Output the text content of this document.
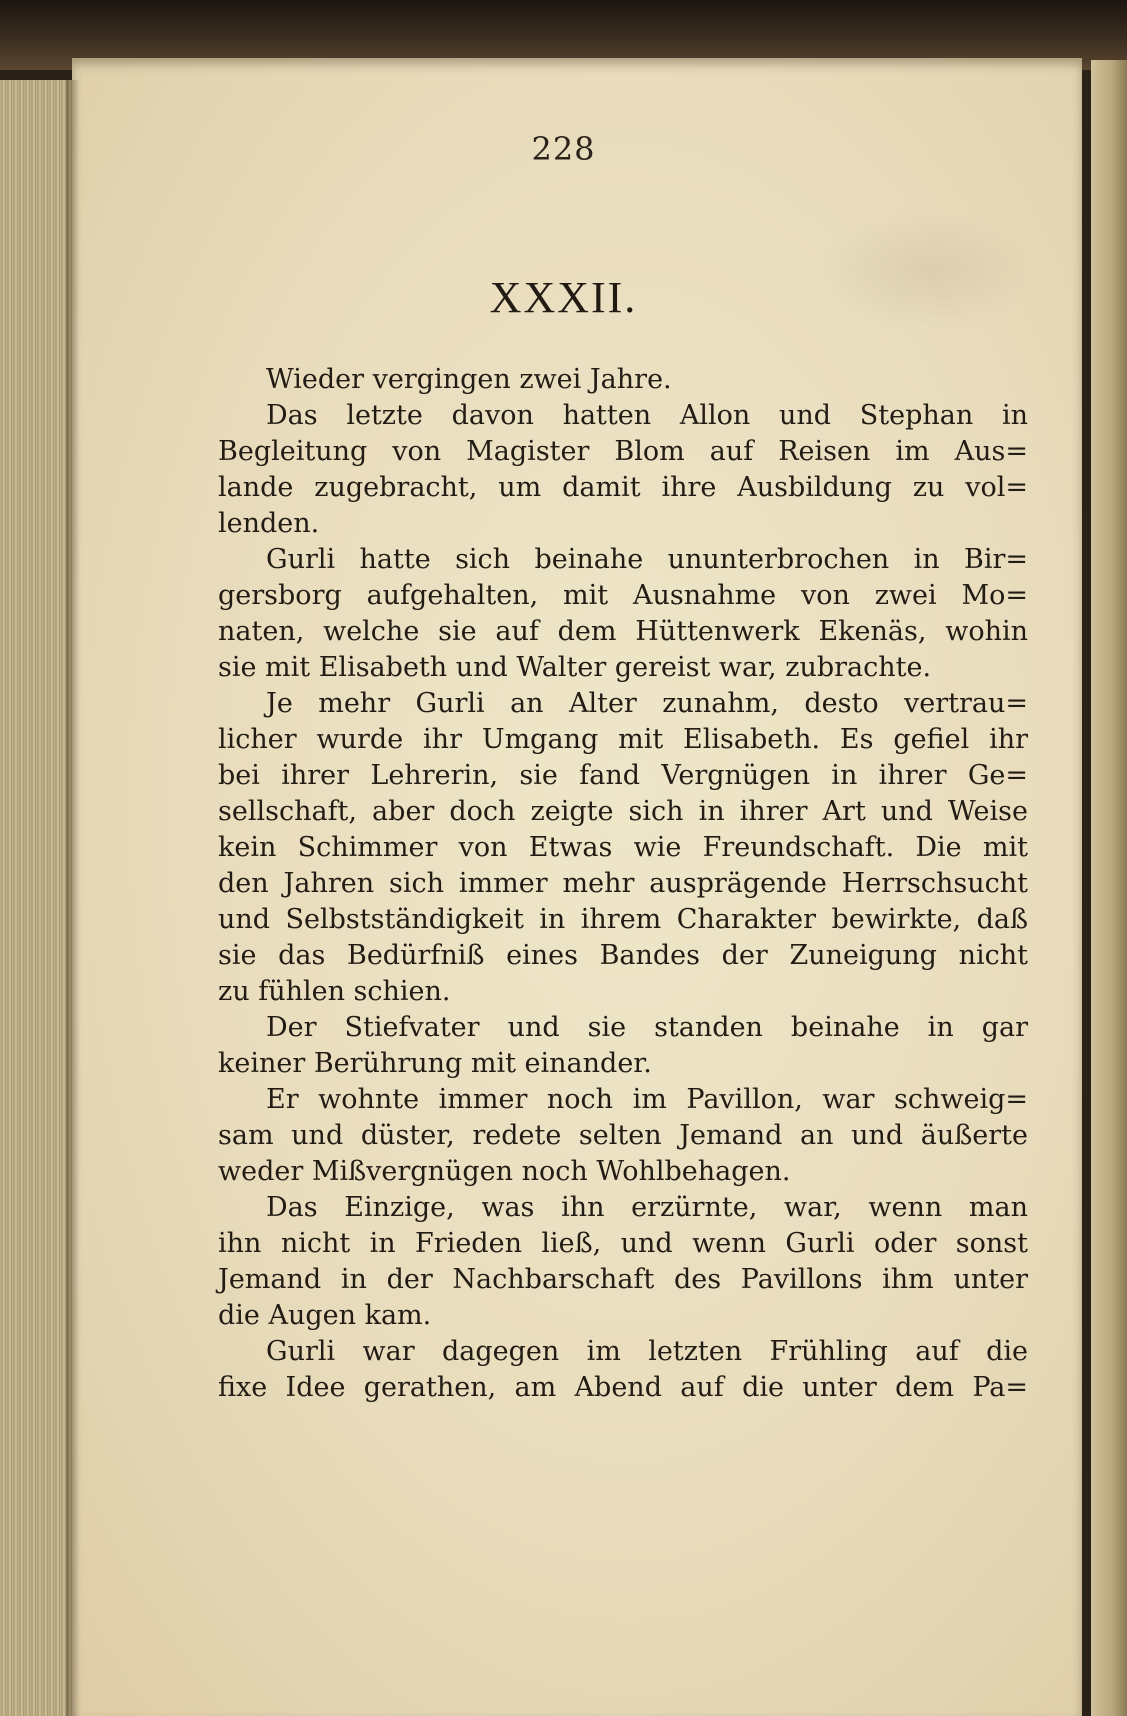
228
XXXII.
Wieder vergingen zwei Jahre.
Das letzte davon hatten Allon und Stephan in
Begleitung von Magister Blom auf Reisen im Aus=
lande zugebracht, um damit ihre Ausbildung zu vol=
lenden.
Gurli hatte sich beinahe ununterbrochen in Bir=
gersborg aufgehalten, mit Ausnahme von zwei Mo=
naten, welche sie auf dem Hüttenwerk Ekenäs, wohin
sie mit Elisabeth und Walter gereist war, zubrachte.
Je mehr Gurli an Alter zunahm, desto vertrau=
licher wurde ihr Umgang mit Elisabeth. Es gefiel ihr
bei ihrer Lehrerin, sie fand Vergnügen in ihrer Ge=
sellschaft, aber doch zeigte sich in ihrer Art und Weise
kein Schimmer von Etwas wie Freundschaft. Die mit
den Jahren sich immer mehr ausprägende Herrschsucht
und Selbstständigkeit in ihrem Charakter bewirkte, daß
sie das Bedürfniß eines Bandes der Zuneigung nicht
zu fühlen schien.
Der Stiefvater und sie standen beinahe in gar
keiner Berührung mit einander.
Er wohnte immer noch im Pavillon, war schweig=
sam und düster, redete selten Jemand an und äußerte
weder Mißvergnügen noch Wohlbehagen.
Das Einzige, was ihn erzürnte, war, wenn man
ihn nicht in Frieden ließ, und wenn Gurli oder sonst
Jemand in der Nachbarschaft des Pavillons ihm unter
die Augen kam.
Gurli war dagegen im letzten Frühling auf die
fixe Idee gerathen, am Abend auf die unter dem Pa=
